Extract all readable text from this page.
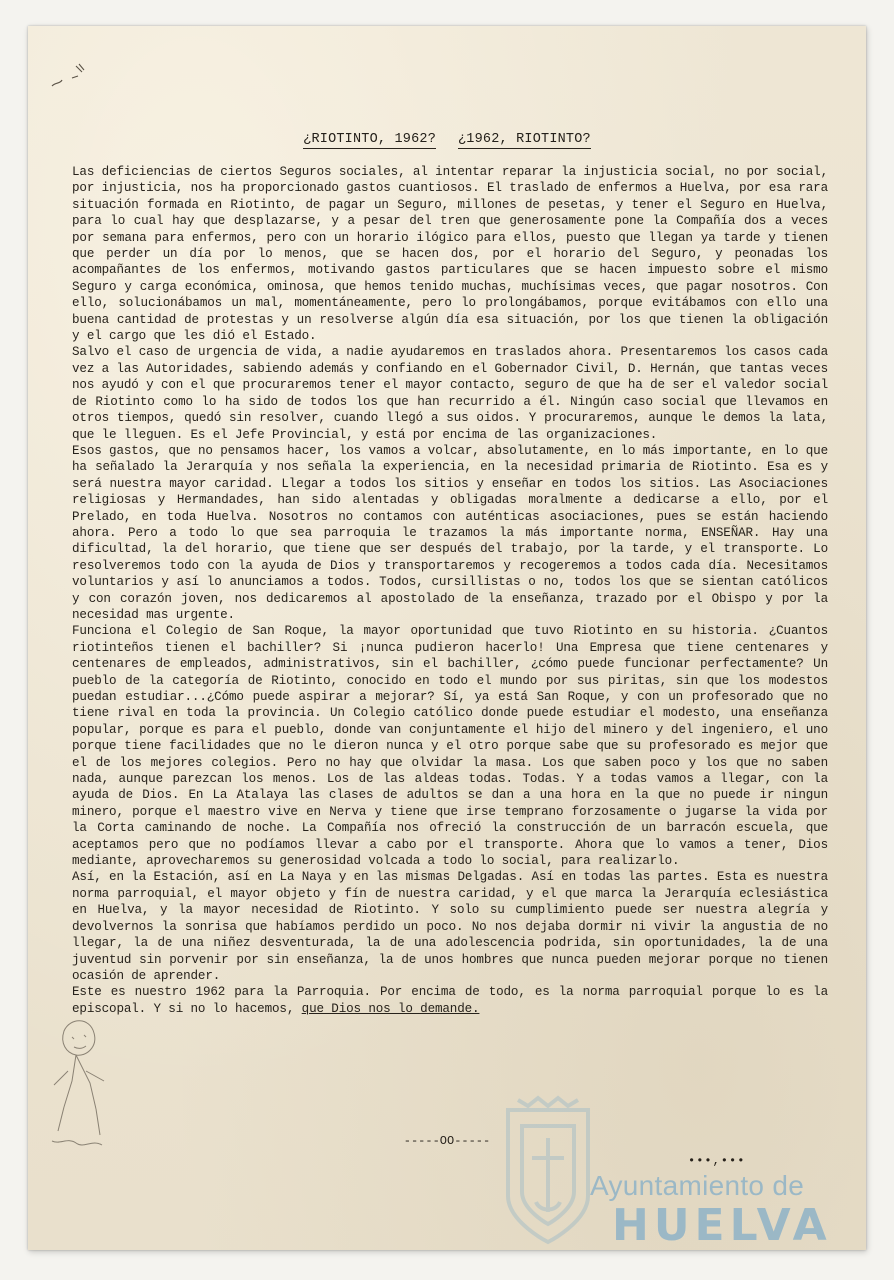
¿RIOTINTO, 1962? ¿1962, RIOTINTO?

Las deficiencias de ciertos Seguros sociales, al intentar reparar la injusticia social, no por social, por injusticia, nos ha proporcionado gastos cuantiosos. El traslado de enfermos a Huelva, por esa rara situación formada en Riotinto, de pagar un Seguro, millones de pesetas, y tener el Seguro en Huelva, para lo cual hay que desplazarse, y a pesar del tren que generosamente pone la Compañía dos a veces por semana para enfermos, pero con un horario ilógico para ellos, puesto que llegan ya tarde y tienen que perder un día por lo menos, que se hacen dos, por el horario del Seguro, y peonadas los acompañantes de los enfermos, motivando gastos particulares que se hacen impuesto sobre el mismo Seguro y carga económica, ominosa, que hemos tenido muchas, muchísimas veces, que pagar nosotros. Con ello, solucionábamos un mal, momentáneamente, pero lo prolongábamos, porque evitábamos con ello una buena cantidad de protestas y un resolverse algún día esa situación, por los que tienen la obligación y el cargo que les dió el Estado.

Salvo el caso de urgencia de vida, a nadie ayudaremos en traslados ahora. Presentaremos los casos cada vez a las Autoridades, sabiendo además y confiando en el Gobernador Civil, D. Hernán, que tantas veces nos ayudó y con el que procuraremos tener el mayor contacto, seguro de que ha de ser el valedor social de Riotinto como lo ha sido de todos los que han recurrido a él. Ningún caso social que llevamos en otros tiempos, quedó sin resolver, cuando llegó a sus oidos. Y procuraremos, aunque le demos la lata, que le lleguen. Es el Jefe Provincial, y está por encima de las organizaciones.

Esos gastos, que no pensamos hacer, los vamos a volcar, absolutamente, en lo más importante, en lo que ha señalado la Jerarquía y nos señala la experiencia, en la necesidad primaria de Riotinto. Esa es y será nuestra mayor caridad. Llegar a todos los sitios y enseñar en todos los sitios. Las Asociaciones religiosas y Hermandades, han sido alentadas y obligadas moralmente a dedicarse a ello, por el Prelado, en toda Huelva. Nosotros no contamos con auténticas asociaciones, pues se están haciendo ahora. Pero a todo lo que sea parroquia le trazamos la más importante norma, ENSEÑAR. Hay una dificultad, la del horario, que tiene que ser después del trabajo, por la tarde, y el transporte. Lo resolveremos todo con la ayuda de Dios y transportaremos y recogeremos a todos cada día. Necesitamos voluntarios y así lo anunciamos a todos. Todos, cursillistas o no, todos los que se sientan católicos y con corazón joven, nos dedicaremos al apostolado de la enseñanza, trazado por el Obispo y por la necesidad mas urgente.

Funciona el Colegio de San Roque, la mayor oportunidad que tuvo Riotinto en su historia. ¿Cuantos riotinteños tienen el bachiller? Si ¡nunca pudieron hacerlo! Una Empresa que tiene centenares y centenares de empleados, administrativos, sin el bachiller, ¿cómo puede funcionar perfectamente? Un pueblo de la categoría de Riotinto, conocido en todo el mundo por sus piritas, sin que los modestos puedan estudiar...¿Cómo puede aspirar a mejorar? Sí, ya está San Roque, y con un profesorado que no tiene rival en toda la provincia. Un Colegio católico donde puede estudiar el modesto, una enseñanza popular, porque es para el pueblo, donde van conjuntamente el hijo del minero y del ingeniero, el uno porque tiene facilidades que no le dieron nunca y el otro porque sabe que su profesorado es mejor que el de los mejores colegios. Pero no hay que olvidar la masa. Los que saben poco y los que no saben nada, aunque parezcan los menos. Los de las aldeas todas. Todas. Y a todas vamos a llegar, con la ayuda de Dios. En La Atalaya las clases de adultos se dan a una hora en la que no puede ir ningun minero, porque el maestro vive en Nerva y tiene que irse temprano forzosamente o jugarse la vida por la Corta caminando de noche. La Compañía nos ofreció la construcción de un barracón escuela, que aceptamos pero que no podíamos llevar a cabo por el transporte. Ahora que lo vamos a tener, Dios mediante, aprovecharemos su generosidad volcada a todo lo social, para realizarlo.

Así, en la Estación, así en La Naya y en las mismas Delgadas. Así en todas las partes. Esta es nuestra norma parroquial, el mayor objeto y fín de nuestra caridad, y el que marca la Jerarquía eclesiástica en Huelva, y la mayor necesidad de Riotinto. Y solo su cumplimiento puede ser nuestra alegría y devolvernos la sonrisa que habíamos perdido un poco. No nos dejaba dormir ni vivir la angustia de no llegar, la de una niñez desventurada, la de una adolescencia podrida, sin oportunidades, la de una juventud sin porvenir por sin enseñanza, la de unos hombres que nunca pueden mejorar porque no tienen ocasión de aprender.

Este es nuestro 1962 para la Parroquia. Por encima de todo, es la norma parroquial porque lo es la episcopal. Y si no lo hacemos, que Dios nos lo demande.

-----OO-----
•••,•••
Ayuntamiento de
HUELVA
